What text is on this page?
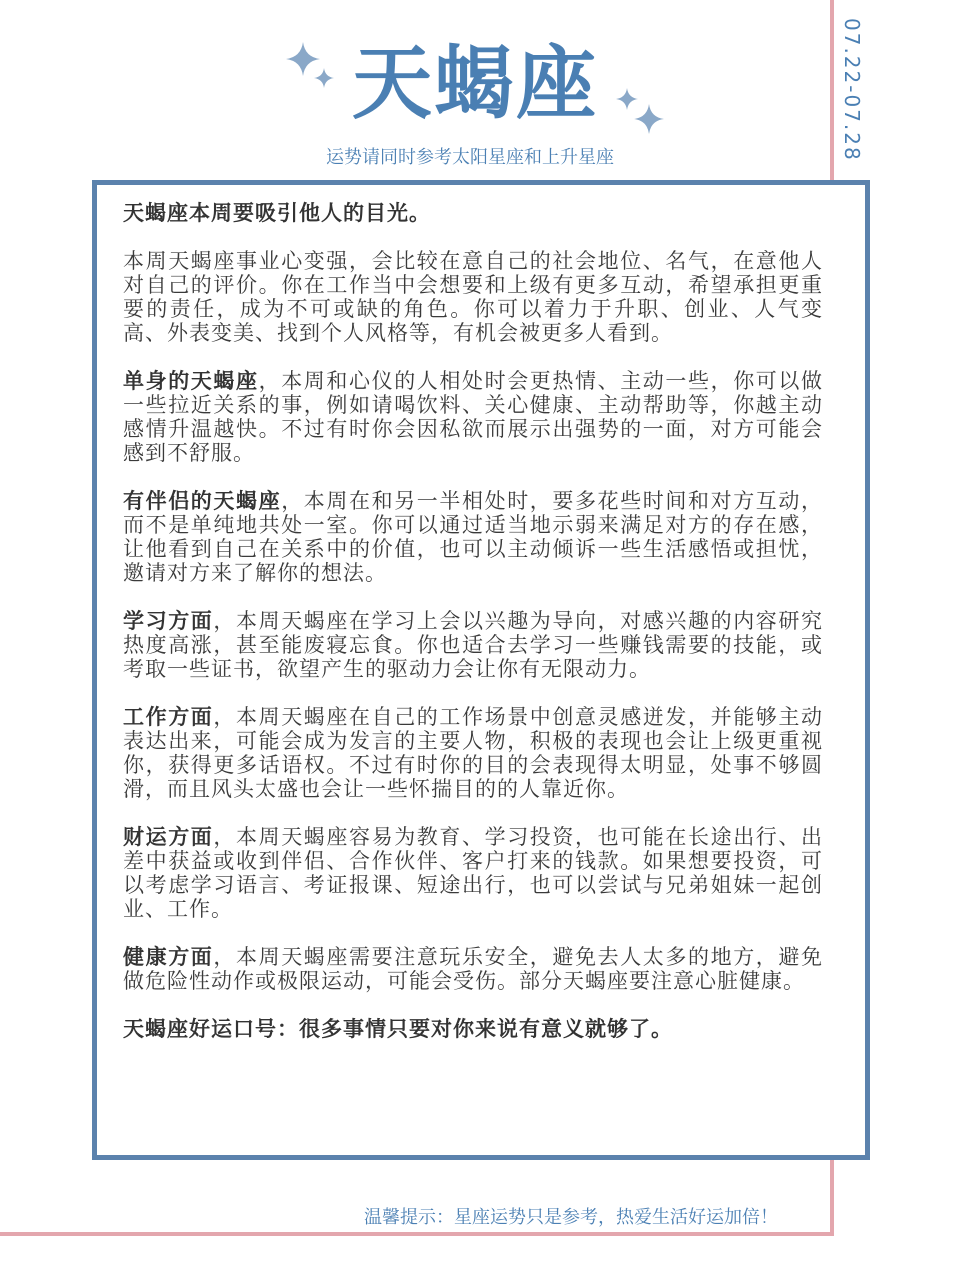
天蝎座	07.22-07.28
运势请同时参考太阳星座和上升星座

天蝎座本周要吸引他人的目光。

本周天蝎座事业心变强，会比较在意自己的社会地位、名气，在意他人对自己的评价。你在工作当中会想要和上级有更多互动，希望承担更重要的责任，成为不可或缺的角色。你可以着力于升职、创业、人气变高、外表变美、找到个人风格等，有机会被更多人看到。

单身的天蝎座，本周和心仪的人相处时会更热情、主动一些，你可以做一些拉近关系的事，例如请喝饮料、关心健康、主动帮助等，你越主动感情升温越快。不过有时你会因私欲而展示出强势的一面，对方可能会感到不舒服。

有伴侣的天蝎座，本周在和另一半相处时，要多花些时间和对方互动，而不是单纯地共处一室。你可以通过适当地示弱来满足对方的存在感，让他看到自己在关系中的价值，也可以主动倾诉一些生活感悟或担忧，邀请对方来了解你的想法。

学习方面，本周天蝎座在学习上会以兴趣为导向，对感兴趣的内容研究热度高涨，甚至能废寝忘食。你也适合去学习一些赚钱需要的技能，或考取一些证书，欲望产生的驱动力会让你有无限动力。

工作方面，本周天蝎座在自己的工作场景中创意灵感迸发，并能够主动表达出来，可能会成为发言的主要人物，积极的表现也会让上级更重视你，获得更多话语权。不过有时你的目的会表现得太明显，处事不够圆滑，而且风头太盛也会让一些怀揣目的的人靠近你。

财运方面，本周天蝎座容易为教育、学习投资，也可能在长途出行、出差中获益或收到伴侣、合作伙伴、客户打来的钱款。如果想要投资，可以考虑学习语言、考证报课、短途出行，也可以尝试与兄弟姐妹一起创业、工作。

健康方面，本周天蝎座需要注意玩乐安全，避免去人太多的地方，避免做危险性动作或极限运动，可能会受伤。部分天蝎座要注意心脏健康。

天蝎座好运口号：很多事情只要对你来说有意义就够了。

温馨提示：星座运势只是参考，热爱生活好运加倍！
